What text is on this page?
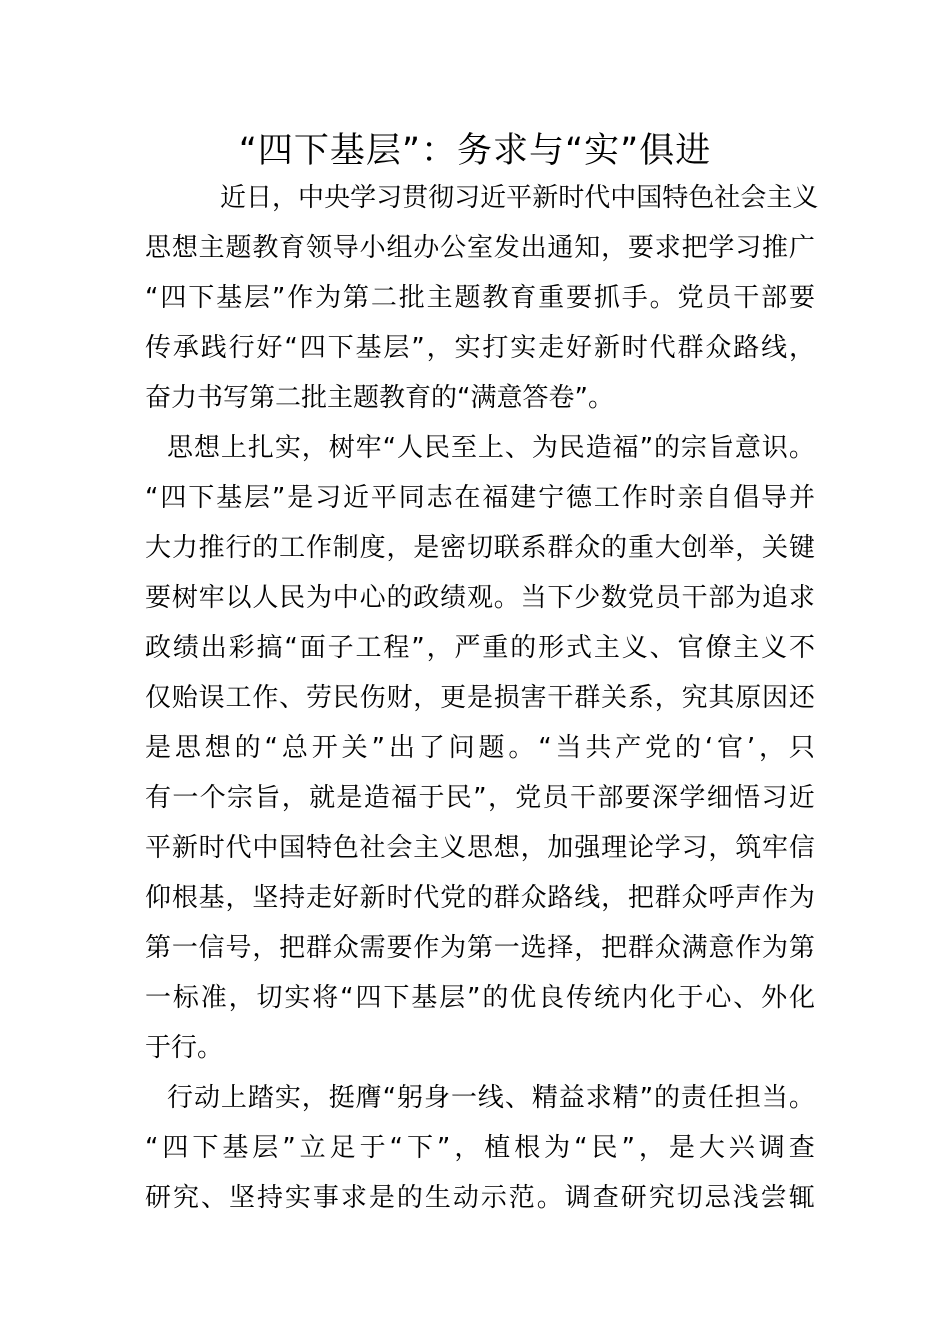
“四下基层”：务求与“实”俱进
近 日 ， 中 央 学 习 贯 彻 习 近 平 新 时 代 中 国 特 色 社 会 主 义
思 想 主 题 教 育 领 导 小 组 办 公 室 发 出 通 知 ， 要 求 把 学 习 推 广
“ 四 下 基 层 ” 作 为 第 二 批 主 题 教 育 重 要 抓 手 。 党 员 干 部 要
传 承 践 行 好 “ 四 下 基 层 ” ， 实 打 实 走 好 新 时 代 群 众 路 线 ，
奋力书写第二批主题教育的“满意答卷”。
思 想 上 扎 实 ， 树 牢 “ 人 民 至 上 、 为 民 造 福 ” 的 宗 旨 意 识 。
“ 四 下 基 层 ” 是 习 近 平 同 志 在 福 建 宁 德 工 作 时 亲 自 倡 导 并
大 力 推 行 的 工 作 制 度 ， 是 密 切 联 系 群 众 的 重 大 创 举 ， 关 键
要 树 牢 以 人 民 为 中 心 的 政 绩 观 。 当 下 少 数 党 员 干 部 为 追 求
政 绩 出 彩 搞 “ 面 子 工 程 ” ， 严 重 的 形 式 主 义 、 官 僚 主 义 不
仅 贻 误 工 作 、 劳 民 伤 财 ， 更 是 损 害 干 群 关 系 ， 究 其 原 因 还
是 思 想 的 “ 总 开 关 ” 出 了 问 题 。 “ 当 共 产 党 的 ‘ 官 ’ ， 只
有 一 个 宗 旨 ， 就 是 造 福 于 民 ” ， 党 员 干 部 要 深 学 细 悟 习 近
平 新 时 代 中 国 特 色 社 会 主 义 思 想 ， 加 强 理 论 学 习 ， 筑 牢 信
仰 根 基 ， 坚 持 走 好 新 时 代 党 的 群 众 路 线 ， 把 群 众 呼 声 作 为
第 一 信 号 ， 把 群 众 需 要 作 为 第 一 选 择 ， 把 群 众 满 意 作 为 第
一 标 准 ， 切 实 将 “ 四 下 基 层 ” 的 优 良 传 统 内 化 于 心 、 外 化
于行。
行 动 上 踏 实 ， 挺 膺 “ 躬 身 一 线 、 精 益 求 精 ” 的 责 任 担 当 。
“ 四 下 基 层 ” 立 足 于 “ 下 ” ， 植 根 为 “ 民 ” ， 是 大 兴 调 查
研 究 、 坚 持 实 事 求 是 的 生 动 示 范 。 调 查 研 究 切 忌 浅 尝 辄
